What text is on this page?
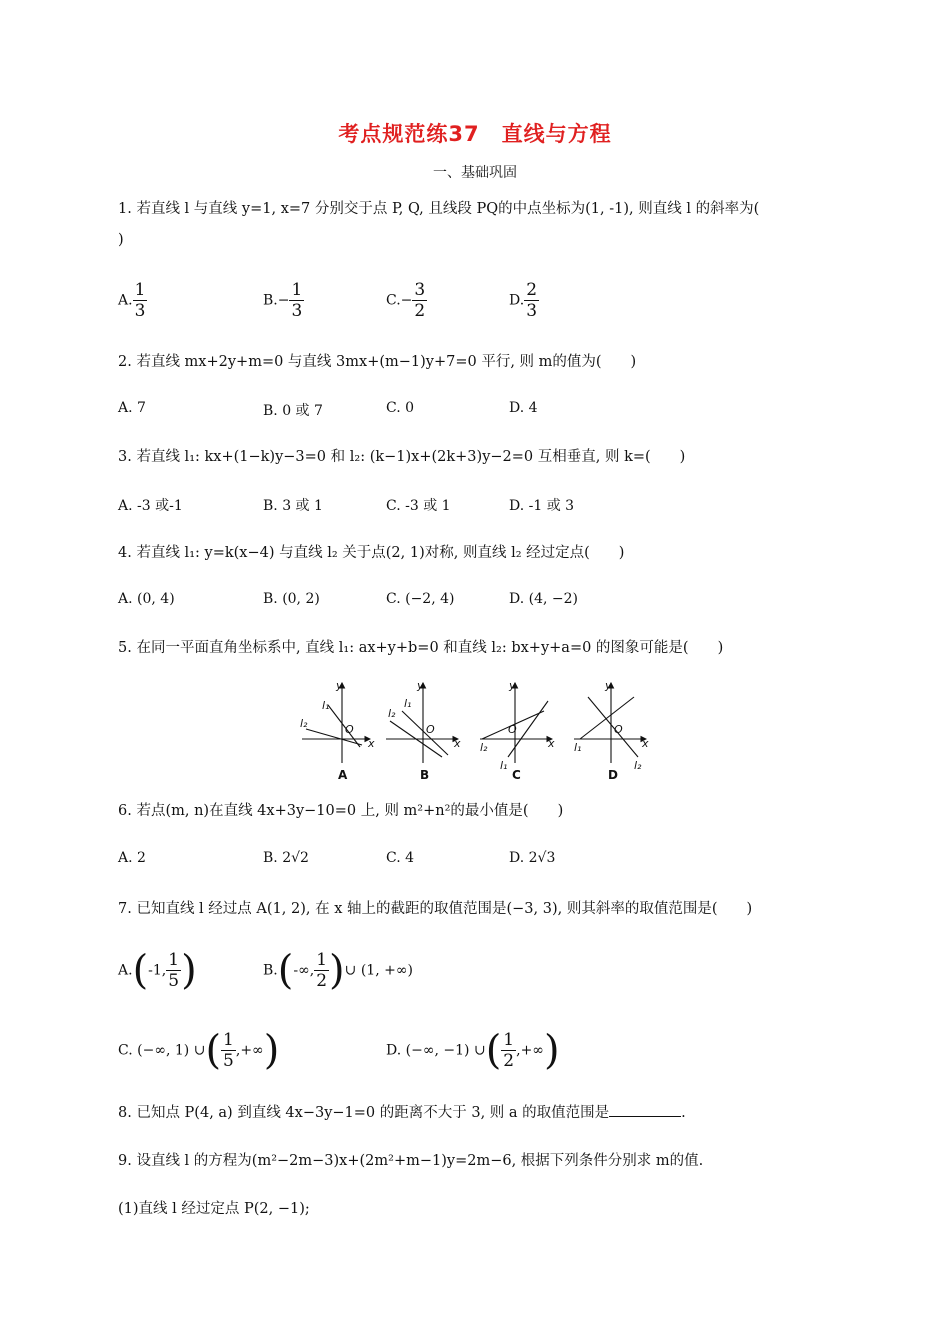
考点规范练37　直线与方程
一、基础巩固
1. 若直线 l 与直线 y=1, x=7 分别交于点 P, Q, 且线段 PQ的中点坐标为(1, -1), 则直线 l 的斜率为(
)
A. $\frac{1}{3}$	$B.- \frac{1}{3}$	$C.- \frac{3}{2}$	D. $\frac{2}{3}$
2. 若直线 mx+2y+m=0 与直线 3mx+(m−1)y+7=0 平行, 则 m的值为(　　)
A. 7	B. 0 或 7	C. 0	D. 4
3. 若直线 l₁: kx+(1−k)y−3=0 和 l₂: (k−1)x+(2k+3)y−2=0 互相垂直, 则 k=(　　)
A. -3 或-1	B. 3 或 1	C. -3 或 1	D. -1 或 3
4. 若直线 l₁: y=k(x−4) 与直线 l₂ 关于点(2, 1)对称, 则直线 l₂ 经过定点(　　)
A. (0, 4)	B. (0, 2)	C. (−2, 4)	D. (4, −2)
5. 在同一平面直角坐标系中, 直线 l₁: ax+y+b=0 和直线 l₂: bx+y+a=0 的图象可能是(　　)
y
x
O
l₁
l₂
y
x
O
l₁
l₂
y
x
O
l₁
l₂
y
x
O
l₁
l₂
A	B	C	D
6. 若点(m, n)在直线 4x+3y−10=0 上, 则 m²+n²的最小值是(　　)
A. 2	B. 2√2	C. 4	D. 2√3
7. 已知直线 l 经过点 A(1, 2), 在 x 轴上的截距的取值范围是(−3, 3), 则其斜率的取值范围是(　　)
A.(-1, $\frac{1}{5}$ )	B.(-∞, $\frac{1}{2}$ )∪ (1, +∞)
C. (−∞, 1) ∪( $\frac{1}{5}$ ,+∞)	D. (−∞, −1) ∪( $\frac{1}{2}$ ,+∞)
8. 已知点 P(4, a) 到直线 4x−3y−1=0 的距离不大于 3, 则 a 的取值范围是	.
9. 设直线 l 的方程为(m²−2m−3)x+(2m²+m−1)y=2m−6, 根据下列条件分别求 m的值.
(1)直线 l 经过定点 P(2, −1);
